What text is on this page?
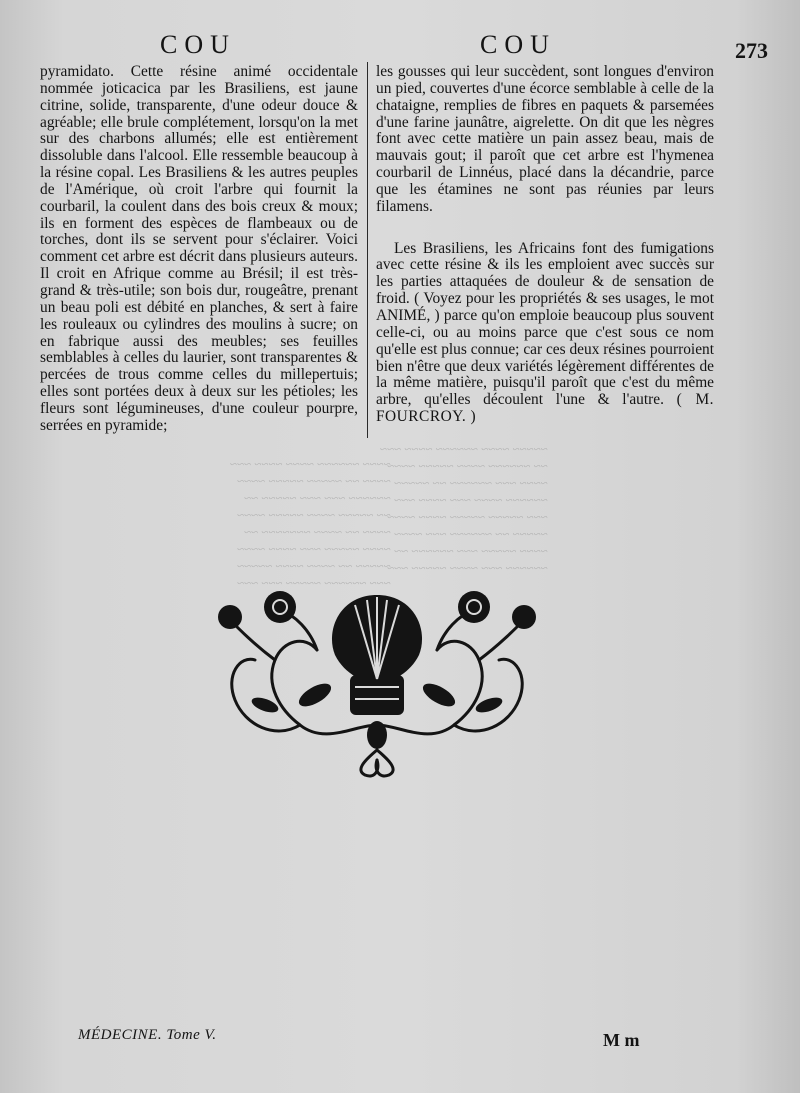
~~~~ ~~~~~~ ~~~~ ~~~~ ~~~
~~~~ ~~ ~~~~~ ~~~~~ ~~~~
~~~~~~ ~~~ ~~~ ~~~~~ ~~
~~ ~~~~~ ~~~~ ~~~~~ ~~~~
~~~~ ~~ ~~~~ ~~~~~~~ ~~
~~~~ ~~~~~ ~~~ ~~~~ ~~~~
~~~~~ ~~ ~~~~ ~~~~ ~~~~~
~~~ ~~~~~~ ~~~~~ ~~~ ~~~
~~~~~ ~~~~ ~~~~~~ ~~~~ ~~~
~~ ~~~~~~ ~~~~ ~~~~~ ~~~~
~~~~ ~~~ ~~~~~~ ~~ ~~~~~
~~~~~~ ~~~~ ~~~ ~~~~ ~~~
~~~ ~~~~~ ~~~~~ ~~~~ ~~~~
~~~~~ ~~ ~~~~~~ ~~~ ~~~~
~~~~ ~~~~~ ~~~ ~~~~~~ ~~
~~~~~~ ~~~ ~~~~ ~~~~~ ~~~
COU	COU	273

pyramidato. Cette résine animé occidentale nommée joticacica par les Brasiliens, est jaune citrine, solide, transparente, d'une odeur douce & agréable; elle brule complétement, lorsqu'on la met sur des charbons allumés; elle est entièrement dissoluble dans l'alcool. Elle ressemble beaucoup à la résine copal. Les Brasiliens & les autres peuples de l'Amérique, où croit l'arbre qui fournit la courbaril, la coulent dans des bois creux & moux; ils en forment des espèces de flambeaux ou de torches, dont ils se servent pour s'éclairer. Voici comment cet arbre est décrit dans plusieurs auteurs. Il croit en Afrique comme au Brésil; il est très-grand & très-utile; son bois dur, rougeâtre, prenant un beau poli est débité en planches, & sert à faire les rouleaux ou cylindres des moulins à sucre; on en fabrique aussi des meubles; ses feuilles semblables à celles du laurier, sont transparentes & percées de trous comme celles du millepertuis; elles sont portées deux à deux sur les pétioles; les fleurs sont légumineuses, d'une couleur pourpre, serrées en pyramide;

les gousses qui leur succèdent, sont longues d'environ un pied, couvertes d'une écorce semblable à celle de la chataigne, remplies de fibres en paquets & parsemées d'une farine jaunâtre, aigrelette. On dit que les nègres font avec cette matière un pain assez beau, mais de mauvais gout; il paroît que cet arbre est l'hymenea courbaril de Linnéus, placé dans la décandrie, parce que les étamines ne sont pas réunies par leurs filamens.

Les Brasiliens, les Africains font des fumigations avec cette résine & ils les emploient avec succès sur les parties attaquées de douleur & de sensation de froid. ( Voyez pour les propriétés & ses usages, le mot ANIMÉ, ) parce qu'on emploie beaucoup plus souvent celle-ci, ou au moins parce que c'est sous ce nom qu'elle est plus connue; car ces deux résines pourroient bien n'être que deux variétés légèrement différentes de la même matière, puisqu'il paroît que c'est du même arbre, qu'elles découlent l'une & l'autre. ( M. FOURCROY. )

MÉDECINE. Tome V.	M m
